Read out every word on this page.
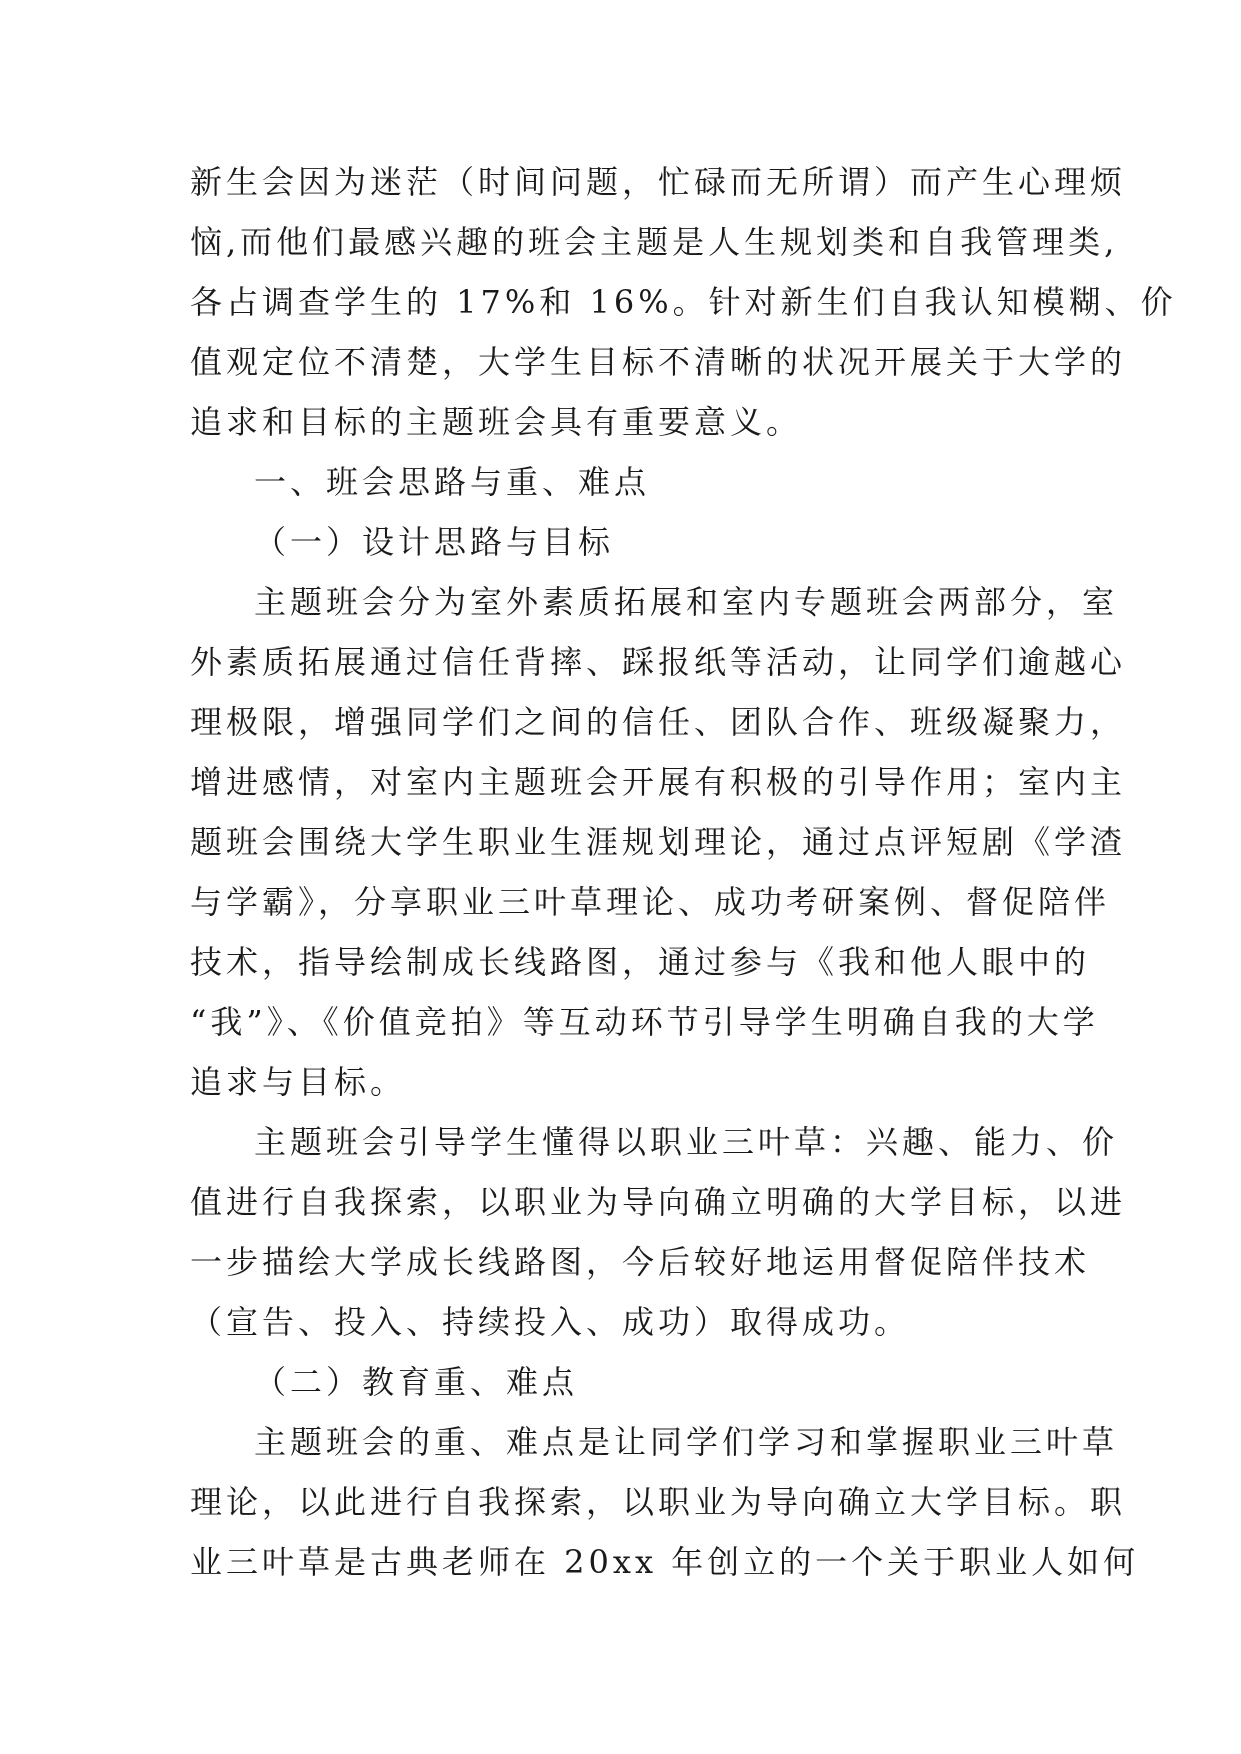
新生会因为迷茫（时间问题，忙碌而无所谓）而产生心理烦
恼,而他们最感兴趣的班会主题是人生规划类和自我管理类,
各占调查学生的 17%和 16%。针对新生们自我认知模糊、价
值观定位不清楚，大学生目标不清晰的状况开展关于大学的
追求和目标的主题班会具有重要意义。
一、班会思路与重、难点
（一）设计思路与目标
主题班会分为室外素质拓展和室内专题班会两部分，室
外素质拓展通过信任背摔、踩报纸等活动，让同学们逾越心
理极限，增强同学们之间的信任、团队合作、班级凝聚力，
增进感情，对室内主题班会开展有积极的引导作用；室内主
题班会围绕大学生职业生涯规划理论，通过点评短剧《学渣
与学霸》，分享职业三叶草理论、成功考研案例、督促陪伴
技术，指导绘制成长线路图，通过参与《我和他人眼中的
“我”》、《价值竞拍》等互动环节引导学生明确自我的大学
追求与目标。
主题班会引导学生懂得以职业三叶草：兴趣、能力、价
值进行自我探索，以职业为导向确立明确的大学目标，以进
一步描绘大学成长线路图，今后较好地运用督促陪伴技术
（宣告、投入、持续投入、成功）取得成功。
（二）教育重、难点
主题班会的重、难点是让同学们学习和掌握职业三叶草
理论，以此进行自我探索，以职业为导向确立大学目标。职
业三叶草是古典老师在 20xx 年创立的一个关于职业人如何
